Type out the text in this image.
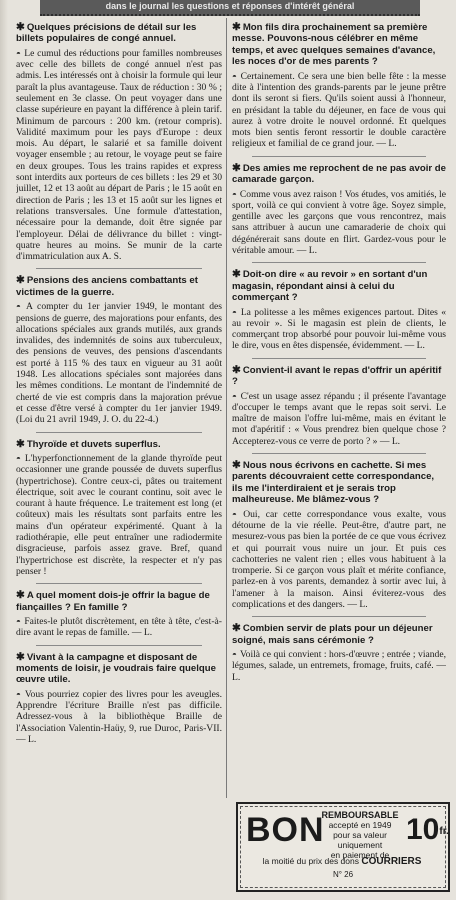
dans le journal les questions et réponses d'intérêt général

✱ Quelques précisions de détail sur les billets populaires de congé annuel.

◓ Le cumul des réductions pour familles nombreuses avec celle des billets de congé annuel n'est pas admis. Les intéressés ont à choisir la formule qui leur paraît la plus avantageuse. Taux de réduction : 30 % ; seulement en 3e classe. On peut voyager dans une classe supérieure en payant la différence à plein tarif. Minimum de parcours : 200 km. (retour compris). Validité maximum pour les pays d'Europe : deux mois. Au départ, le salarié et sa famille doivent voyager ensemble ; au retour, le voyage peut se faire en deux groupes. Tous les trains rapides et express sont interdits aux porteurs de ces billets : les 29 et 30 juillet, 12 et 13 août au départ de Paris ; le 15 août en direction de Paris ; les 13 et 15 août sur les lignes et relations transversales. Une formule d'attestation, nécessaire pour la demande, doit être signée par l'employeur. Délai de délivrance du billet : vingt-quatre heures au moins. Se munir de la carte d'immatriculation aux A. S.

✱ Pensions des anciens combattants et victimes de la guerre.

◓ A compter du 1er janvier 1949, le montant des pensions de guerre, des majorations pour enfants, des allocations spéciales aux grands mutilés, aux grands invalides, des indemnités de soins aux tuberculeux, des pensions de veuves, des pensions d'ascendants est porté à 115 % des taux en vigueur au 31 août 1948. Les allocations spéciales sont majorées dans les mêmes conditions. Le montant de l'indemnité de cherté de vie est compris dans la majoration prévue et cesse d'être versé à compter du 1er janvier 1949. (Loi du 21 avril 1949, J. O. du 22-4.)

✱ Thyroïde et duvets superflus.

◓ L'hyperfonctionnement de la glande thyroïde peut occasionner une grande poussée de duvets superflus (hypertrichose). Contre ceux-ci, pâtes ou traitement électrique, soit avec le courant continu, soit avec le courant à haute fréquence. Le traitement est long (et coûteux) mais les résultats sont parfaits entre les mains d'un opérateur expérimenté. Quant à la radiothérapie, elle peut entraîner une radiodermite disgracieuse, parfois assez grave. Bref, quand l'hypertrichose est discrète, la respecter et n'y pas penser !

✱ A quel moment dois-je offrir la bague de fiançailles ? En famille ?

◓ Faites-le plutôt discrètement, en tête à tête, c'est-à-dire avant le repas de famille. — L.

✱ Vivant à la campagne et disposant de moments de loisir, je voudrais faire quelque œuvre utile.

◓ Vous pourriez copier des livres pour les aveugles. Apprendre l'écriture Braille n'est pas difficile. Adressez-vous à la bibliothèque Braille de l'Association Valentin-Haüy, 9, rue Duroc, Paris-VII. — L.

✱ Mon fils dira prochainement sa première messe. Pouvons-nous célébrer en même temps, et avec quelques semaines d'avance, les noces d'or de mes parents ?

◓ Certainement. Ce sera une bien belle fête : la messe dite à l'intention des grands-parents par le jeune prêtre dont ils seront si fiers. Qu'ils soient aussi à l'honneur, en présidant la table du déjeuner, en face de vous qui aurez à votre droite le nouvel ordonné. Et quelques mots bien sentis feront ressortir le double caractère religieux et familial de ce grand jour. — L.

✱ Des amies me reprochent de ne pas avoir de camarade garçon.

◓ Comme vous avez raison ! Vos études, vos amitiés, le sport, voilà ce qui convient à votre âge. Soyez simple, gentille avec les garçons que vous rencontrez, mais sans attribuer à aucun une camaraderie de choix qui dégénérerait sans doute en flirt. Gardez-vous pour le véritable amour. — L.

✱ Doit-on dire « au revoir » en sortant d'un magasin, répondant ainsi à celui du commerçant ?

◓ La politesse a les mêmes exigences partout. Dites « au revoir ». Si le magasin est plein de clients, le commerçant trop absorbé pour pouvoir lui-même vous le dire, vous en êtes dispensée, évidemment. — L.

✱ Convient-il avant le repas d'offrir un apéritif ?

◓ C'est un usage assez répandu ; il présente l'avantage d'occuper le temps avant que le repas soit servi. Le maître de maison l'offre lui-même, mais en évitant le mot d'apéritif : « Vous prendrez bien quelque chose ? Accepterez-vous ce verre de porto ? » — L.

✱ Nous nous écrivons en cachette. Si mes parents découvraient cette correspondance, ils me l'interdiraient et je serais trop malheureuse. Me blâmez-vous ?

◓ Oui, car cette correspondance vous exalte, vous détourne de la vie réelle. Peut-être, d'autre part, ne mesurez-vous pas bien la portée de ce que vous écrivez et qui pourrait vous nuire un jour. Et puis ces cachotteries ne valent rien ; elles vous habituent à la tromperie. Si ce garçon vous plaît et mérite confiance, parlez-en à vos parents, demandez à sortir avec lui, à l'amener à la maison. Ainsi éviterez-vous des complications et des dangers. — L.

✱ Combien servir de plats pour un déjeuner soigné, mais sans cérémonie ?

◓ Voilà ce qui convient : hors-d'œuvre ; entrée ; viande, légumes, salade, un entremets, fromage, fruits, café. — L.

BON
REMBOURSABLE
accepté en 1949
pour sa valeur
uniquement
en paiement de
$10^{fr.}$
la moitié du prix des dons COURRIERS
N° 26
